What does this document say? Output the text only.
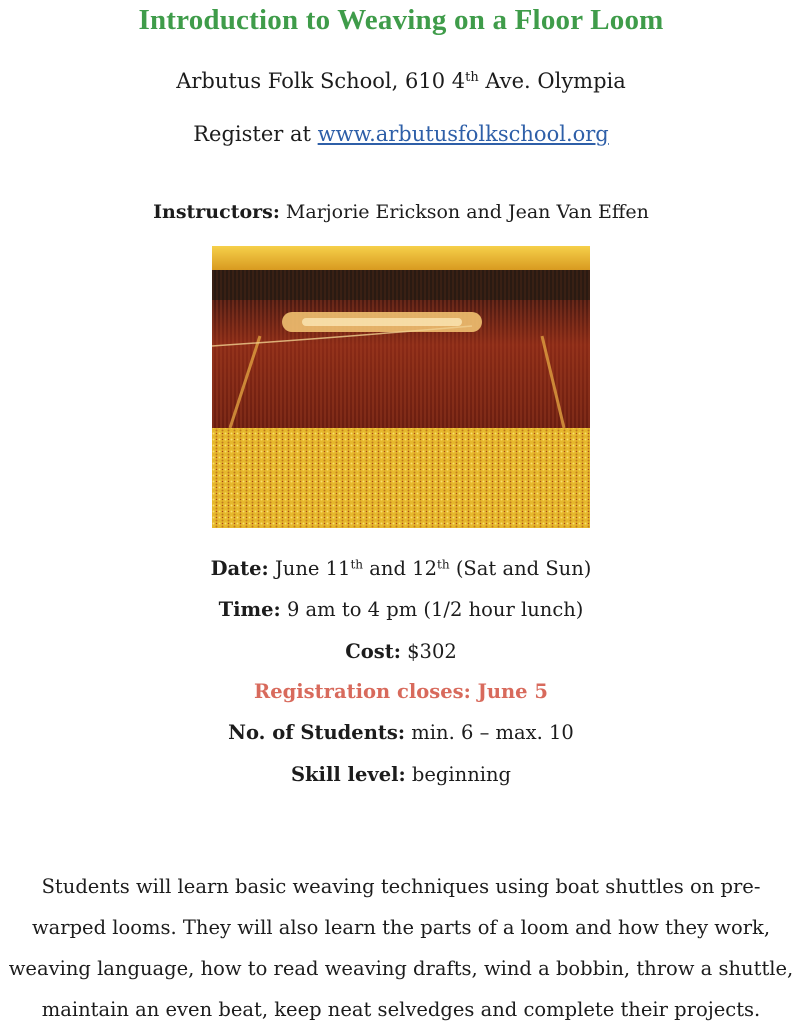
Introduction to Weaving on a Floor Loom
Arbutus Folk School, 610 4th Ave. Olympia
Register at www.arbutusfolkschool.org
Instructors: Marjorie Erickson and Jean Van Effen
Date: June 11th and 12th (Sat and Sun)
Time: 9 am to 4 pm (1/2 hour lunch)
Cost: $302
Registration closes: June 5
No. of Students: min. 6 – max. 10
Skill level: beginning
Students will learn basic weaving techniques using boat shuttles on pre-
warped looms. They will also learn the parts of a loom and how they work,
weaving language, how to read weaving drafts, wind a bobbin, throw a shuttle,
maintain an even beat, keep neat selvedges and complete their projects.
